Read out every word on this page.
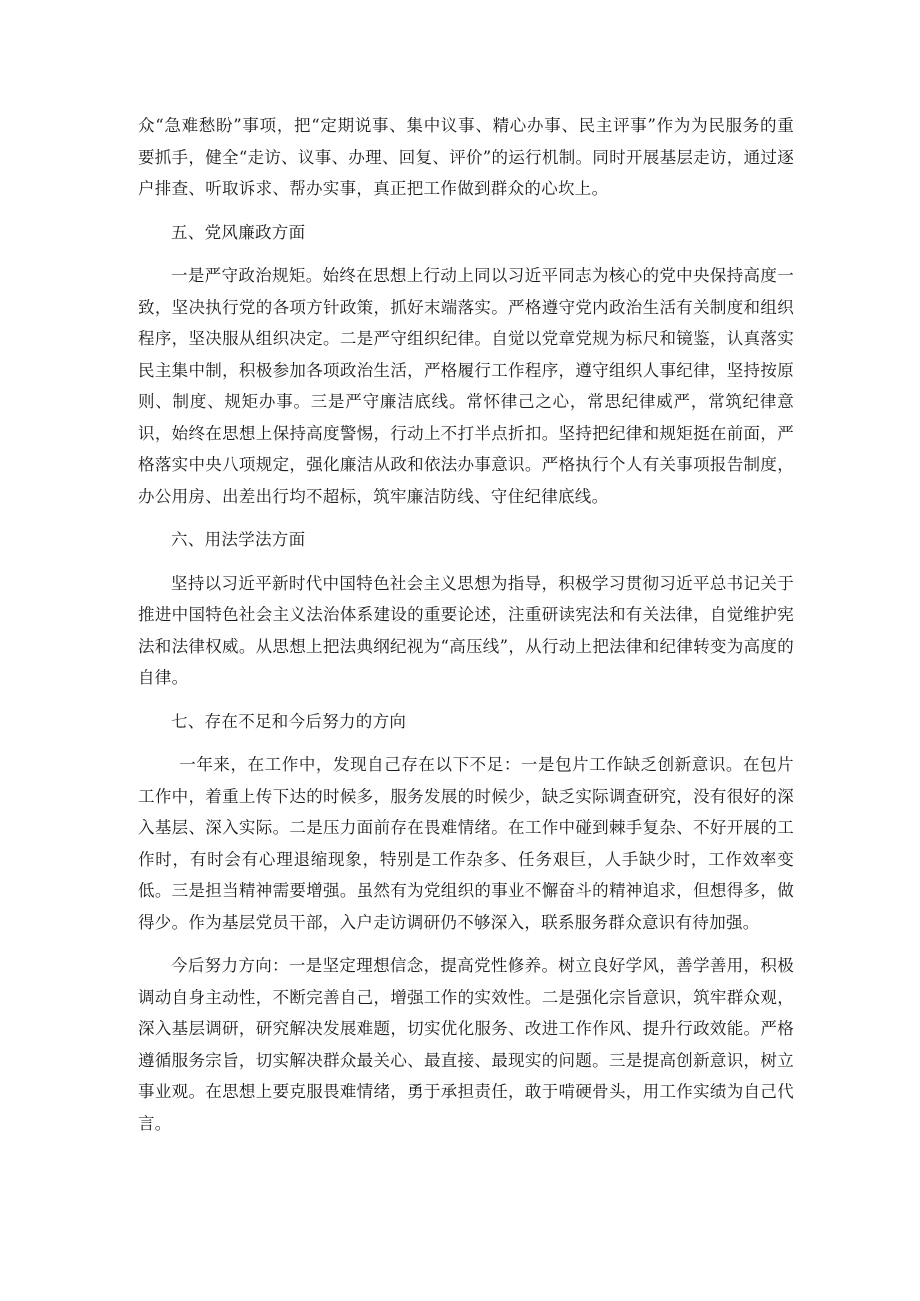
众“急难愁盼”事项，把“定期说事、集中议事、精心办事、民主评事”作为为民服务的重要抓手，健全“走访、议事、办理、回复、评价”的运行机制。同时开展基层走访，通过逐户排查、听取诉求、帮办实事，真正把工作做到群众的心坎上。

五、党风廉政方面

一是严守政治规矩。始终在思想上行动上同以习近平同志为核心的党中央保持高度一致，坚决执行党的各项方针政策，抓好末端落实。严格遵守党内政治生活有关制度和组织程序，坚决服从组织决定。二是严守组织纪律。自觉以党章党规为标尺和镜鉴，认真落实民主集中制，积极参加各项政治生活，严格履行工作程序，遵守组织人事纪律，坚持按原则、制度、规矩办事。三是严守廉洁底线。常怀律己之心，常思纪律威严，常筑纪律意识，始终在思想上保持高度警惕，行动上不打半点折扣。坚持把纪律和规矩挺在前面，严格落实中央八项规定，强化廉洁从政和依法办事意识。严格执行个人有关事项报告制度，办公用房、出差出行均不超标，筑牢廉洁防线、守住纪律底线。

六、用法学法方面

坚持以习近平新时代中国特色社会主义思想为指导，积极学习贯彻习近平总书记关于推进中国特色社会主义法治体系建设的重要论述，注重研读宪法和有关法律，自觉维护宪法和法律权威。从思想上把法典纲纪视为“高压线”，从行动上把法律和纪律转变为高度的自律。

七、存在不足和今后努力的方向

一年来，在工作中，发现自己存在以下不足：一是包片工作缺乏创新意识。在包片工作中，着重上传下达的时候多，服务发展的时候少，缺乏实际调查研究，没有很好的深入基层、深入实际。二是压力面前存在畏难情绪。在工作中碰到棘手复杂、不好开展的工作时，有时会有心理退缩现象，特别是工作杂多、任务艰巨，人手缺少时，工作效率变低。三是担当精神需要增强。虽然有为党组织的事业不懈奋斗的精神追求，但想得多，做得少。作为基层党员干部，入户走访调研仍不够深入，联系服务群众意识有待加强。

今后努力方向：一是坚定理想信念，提高党性修养。树立良好学风，善学善用，积极调动自身主动性，不断完善自己，增强工作的实效性。二是强化宗旨意识，筑牢群众观，深入基层调研，研究解决发展难题，切实优化服务、改进工作作风、提升行政效能。严格遵循服务宗旨，切实解决群众最关心、最直接、最现实的问题。三是提高创新意识，树立事业观。在思想上要克服畏难情绪，勇于承担责任，敢于啃硬骨头，用工作实绩为自己代言。
